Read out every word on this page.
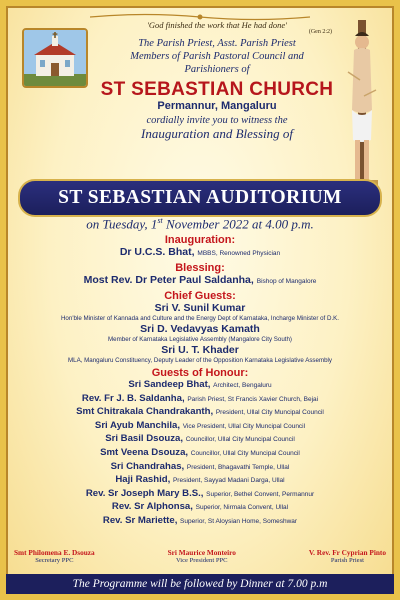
'God finished the work that He had done'
(Gen 2:2)
The Parish Priest, Asst. Parish Priest
Members of Parish Pastoral Council and
Parishioners of
ST SEBASTIAN CHURCH
Permannur, Mangaluru
cordially invite you to witness the
Inauguration and Blessing of
ST SEBASTIAN AUDITORIUM
on Tuesday, 1st November 2022 at 4.00 p.m.
Inauguration:
Dr U.C.S. Bhat, MBBS, Renowned Physician
Blessing:
Most Rev. Dr Peter Paul Saldanha, Bishop of Mangalore
Chief Guests:
Sri V. Sunil Kumar
Hon'ble Minister of Kannada and Culture and the Energy Dept of Karnataka, Incharge Minister of D.K.
Sri D. Vedavyas Kamath
Member of Karnataka Legislative Assembly (Mangalore City South)
Sri U. T. Khader
MLA, Mangaluru Constituency, Deputy Leader of the Opposition Karnataka Legislative Assembly
Guests of Honour:
Sri Sandeep Bhat, Architect, Bengaluru
Rev. Fr J. B. Saldanha, Parish Priest, St Francis Xavier Church, Bejai
Smt Chitrakala Chandrakanth, President, Ullal City Muncipal Council
Sri Ayub Manchila, Vice President, Ullal City Muncipal Council
Sri Basil Dsouza, Councillor, Ullal City Muncipal Council
Smt Veena Dsouza, Councillor, Ullal City Muncipal Council
Sri Chandrahas, President, Bhagavathi Temple, Ullal
Haji Rashid, President, Sayyad Madani Darga, Ullal
Rev. Sr Joseph Mary B.S., Superior, Bethel Convent, Permannur
Rev. Sr Alphonsa, Superior, Nirmala Convent, Ullal
Rev. Sr Mariette, Superior, St Aloysian Home, Someshwar
Smt Philomena E. Dsouza
Secretary PPC
Sri Maurice Monteiro
Vice President PPC
V. Rev. Fr Cyprian Pinto
Parish Priest
The Programme will be followed by Dinner at 7.00 p.m
